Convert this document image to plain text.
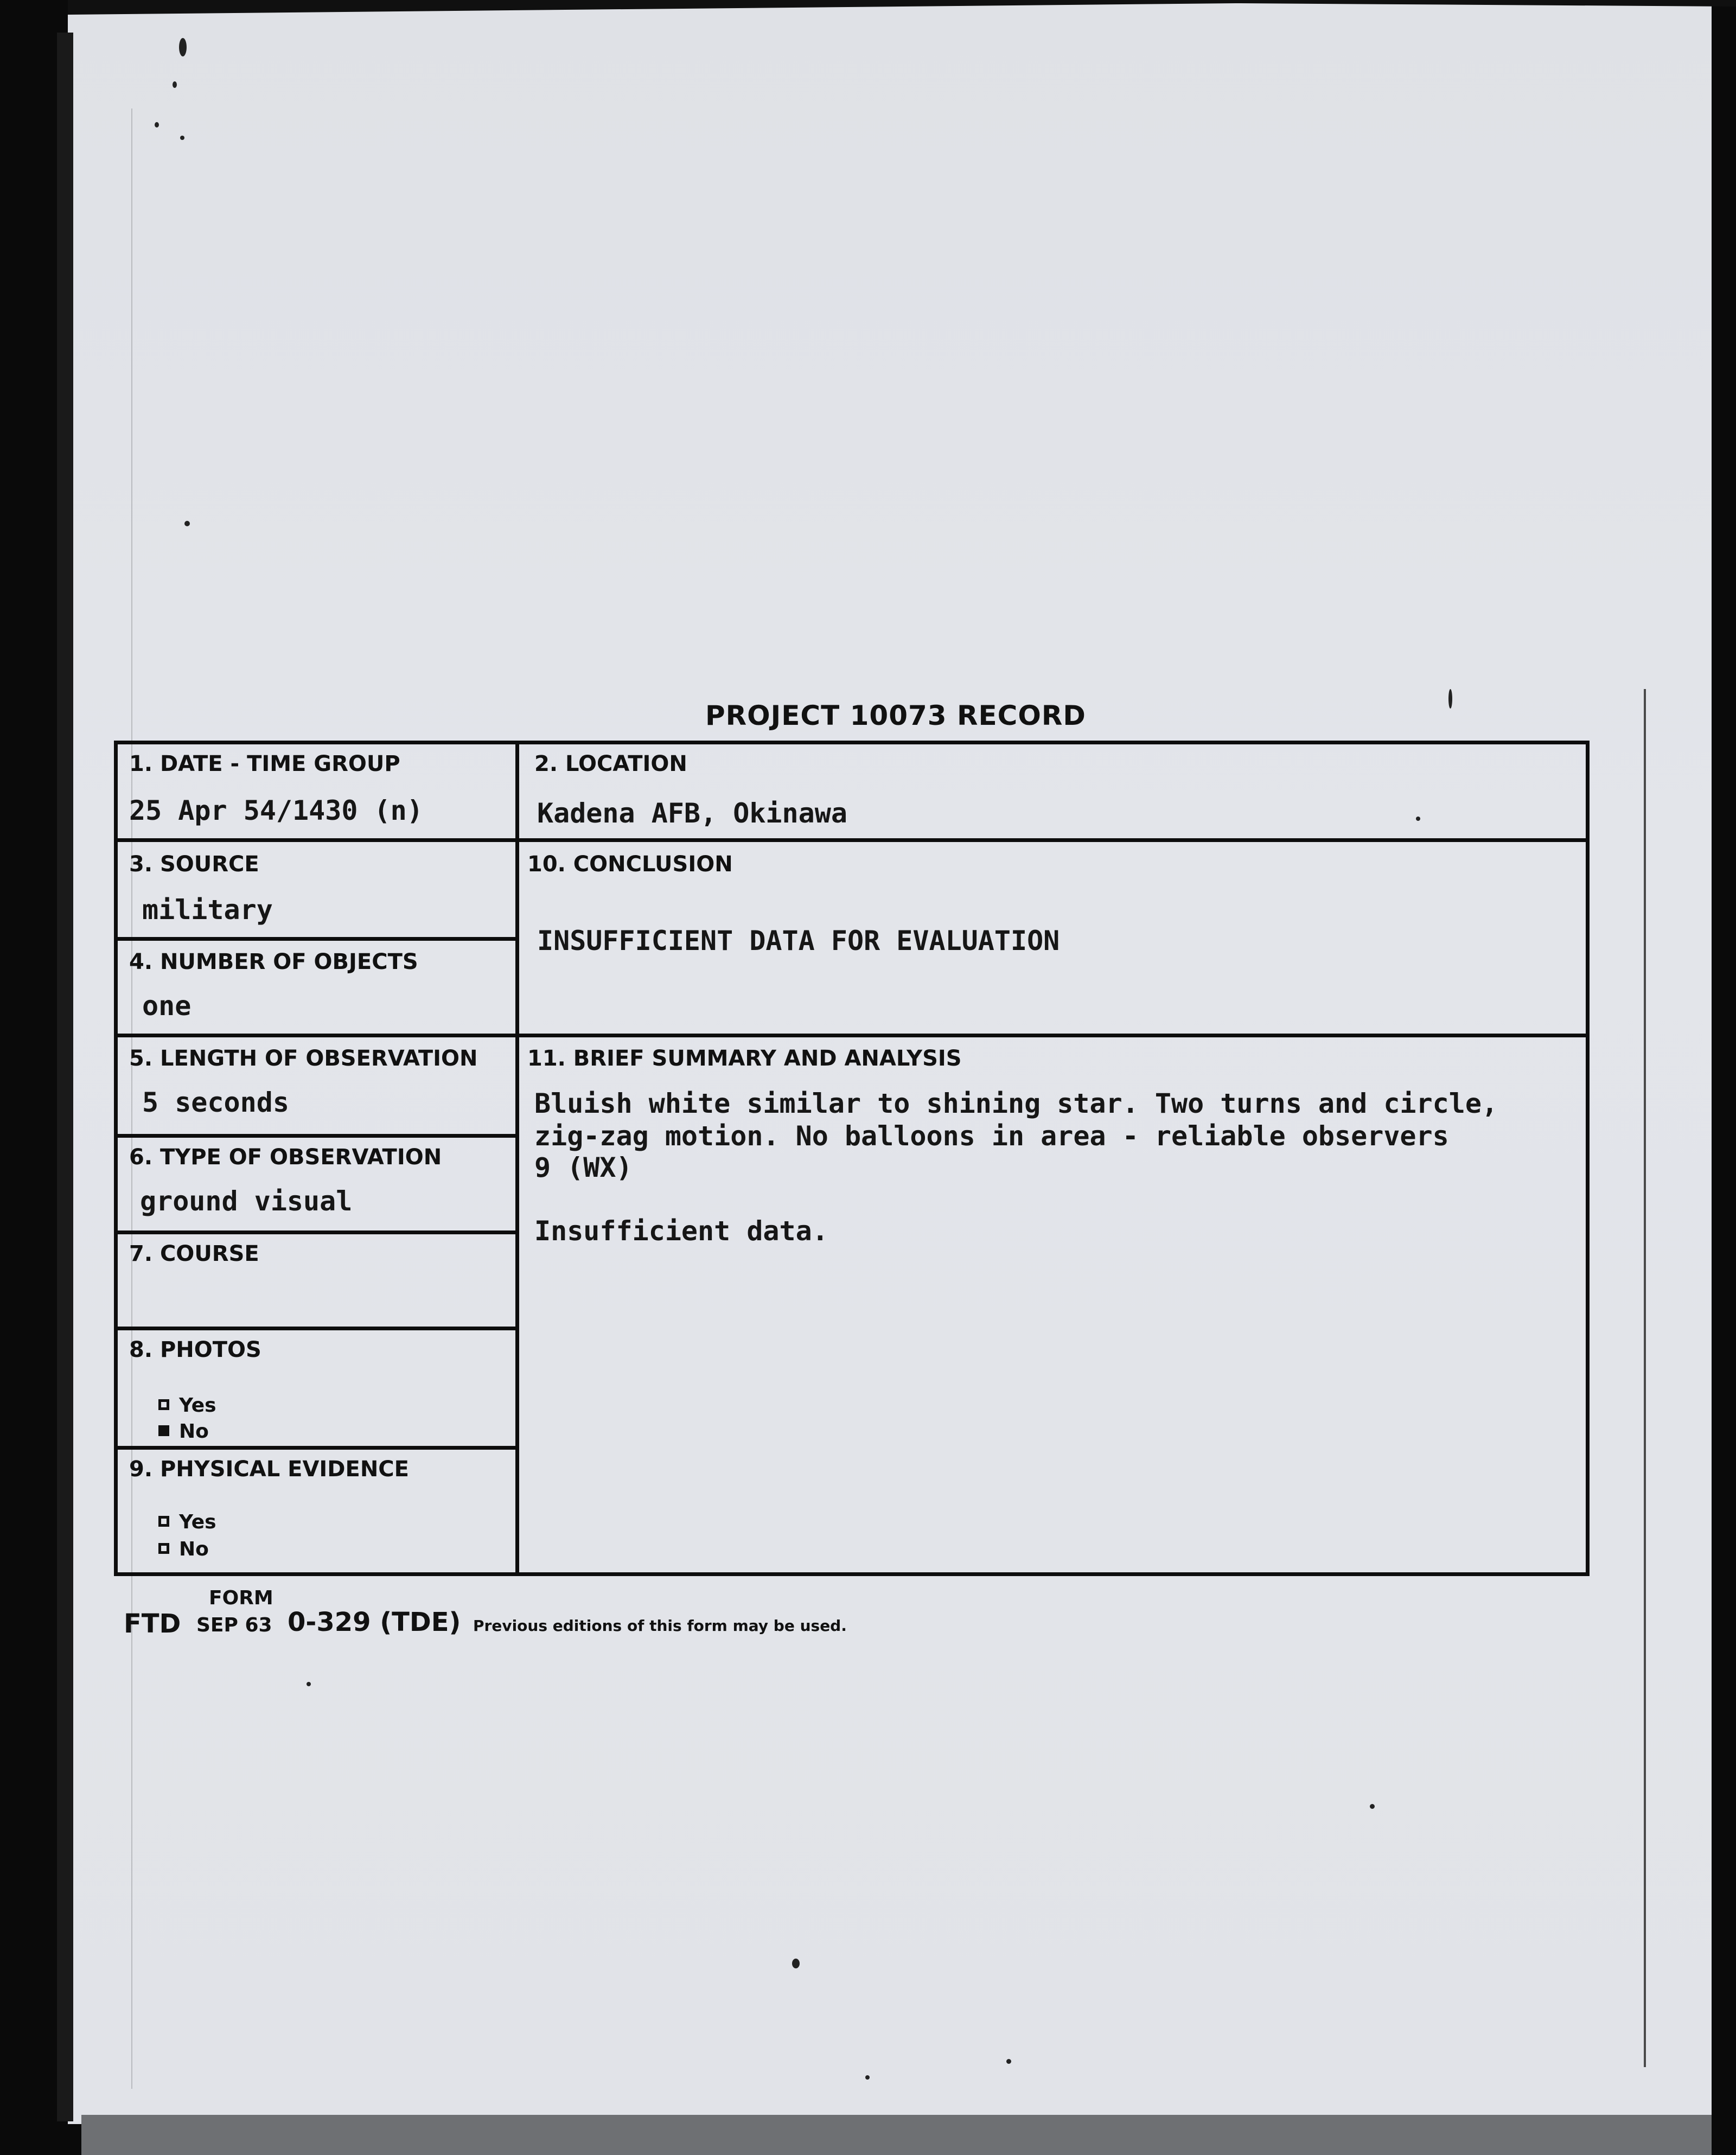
PROJECT 10073 RECORD
1. DATE - TIME GROUP
25 Apr 54/1430 (n)
2. LOCATION
Kadena AFB, Okinawa
3. SOURCE
military
10. CONCLUSION
INSUFFICIENT DATA FOR EVALUATION
4. NUMBER OF OBJECTS
one
5. LENGTH OF OBSERVATION
5 seconds
11. BRIEF SUMMARY AND ANALYSIS
Bluish white similar to shining star. Two turns and circle,
zig-zag motion. No balloons in area - reliable observers
9 (WX)
Insufficient data.
6. TYPE OF OBSERVATION
ground visual
7. COURSE
8. PHOTOS
Yes
No
9. PHYSICAL EVIDENCE
Yes
No
FORM
FTD SEP 63 0-329 (TDE) Previous editions of this form may be used.
